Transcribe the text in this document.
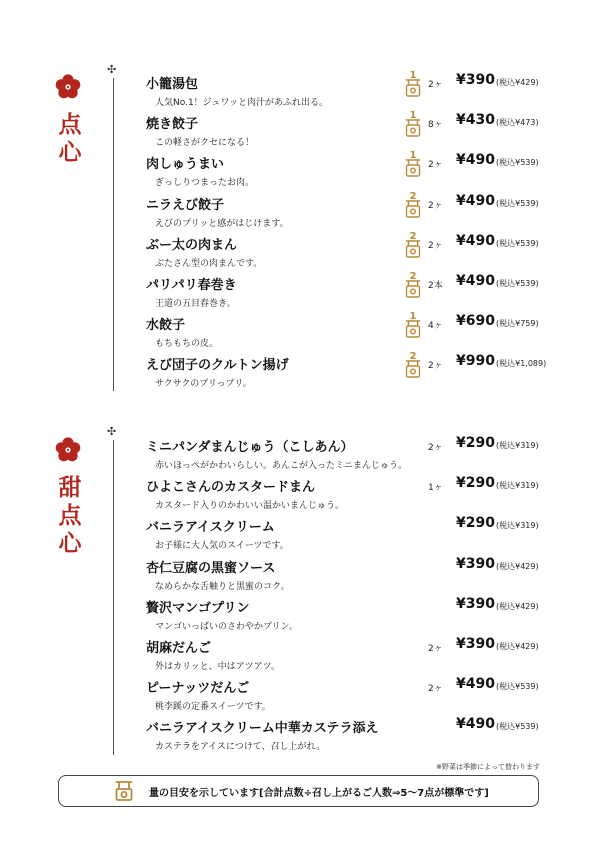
✣
点
心
小籠湯包
人気No.1！ジュワッと肉汁があふれ出る。
1
2ヶ ¥390 (税込¥429)
焼き餃子
この軽さがクセになる！
1
8ヶ ¥430 (税込¥473)
肉しゅうまい
ぎっしりつまったお肉。
1
2ヶ ¥490 (税込¥539)
ニラえび餃子
えびのプリッと感がはじけます。
2
2ヶ ¥490 (税込¥539)
ぶー太の肉まん
ぶたさん型の肉まんです。
2
2ヶ ¥490 (税込¥539)
パリパリ春巻き
王道の五目春巻き。
2
2本 ¥490 (税込¥539)
水餃子
もちもちの皮。
1
4ヶ ¥690 (税込¥759)
えび団子のクルトン揚げ
サクサクのプリっプリ。
2
2ヶ ¥990 (税込¥1,089)
✣
甜
点
心
ミニパンダまんじゅう（こしあん）
赤いほっぺがかわいらしい。あんこが入ったミニまんじゅう。
2ヶ ¥290 (税込¥319)
ひよこさんのカスタードまん
カスタード入りのかわいい温かいまんじゅう。
1ヶ ¥290 (税込¥319)
バニラアイスクリーム
お子様に大人気のスイーツです。
¥290 (税込¥319)
杏仁豆腐の黒蜜ソース
なめらかな舌触りと黒蜜のコク。
¥390 (税込¥429)
贅沢マンゴプリン
マンゴいっぱいのさわやかプリン。
¥390 (税込¥429)
胡麻だんご
外はカリッと、中はアツアツ。
2ヶ ¥390 (税込¥429)
ピーナッツだんご
桃李蹊の定番スイーツです。
2ヶ ¥490 (税込¥539)
バニラアイスクリーム中華カステラ添え
カステラをアイスにつけて、召し上がれ。
¥490 (税込¥539)
※野菜は季節によって替わります
量の目安を示しています[合計点数÷召し上がるご人数⇒5〜7点が標準です]
